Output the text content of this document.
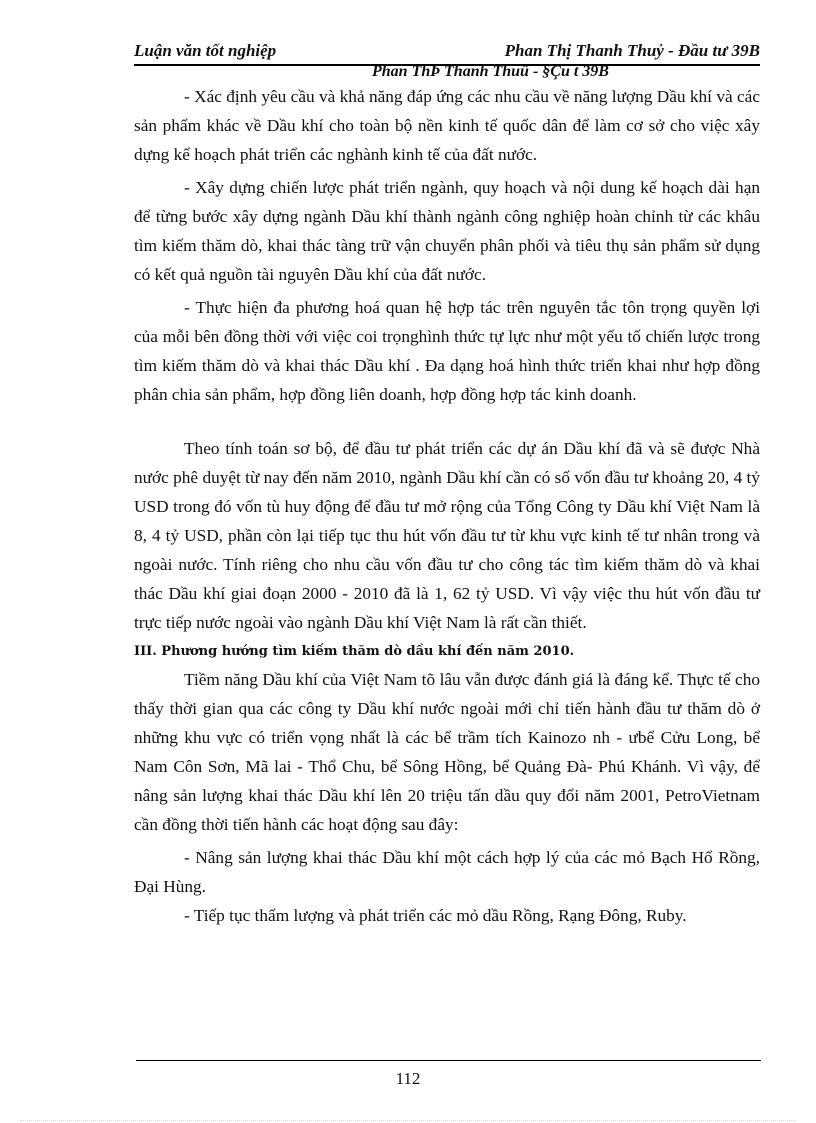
Luận văn tốt nghiệp	Phan Thị Thanh Thuỷ - Đầu tư 39B
Phan ThÞ Thanh Thuû - §Çu t 39B

- Xác định yêu cầu và khả năng đáp ứng các nhu cầu về năng lượng Dầu khí và các sản phẩm khác về Dầu khí cho toàn bộ nền kinh tế quốc dân để làm cơ sở cho việc xây dựng kế hoạch phát triển các nghành kinh tế của đất nước.

- Xây dựng chiến lược phát triển ngành, quy hoạch và nội dung kế hoạch dài hạn để từng bước xây dựng ngành Dầu khí thành ngành công nghiệp hoàn chỉnh từ các khâu tìm kiếm thăm dò, khai thác tàng trữ vận chuyển phân phối và tiêu thụ sản phẩm sử dụng có kết quả nguồn tài nguyên Dầu khí của đất nước.

- Thực hiện đa phương hoá quan hệ hợp tác trên nguyên tắc tôn trọng quyền lợi của mỗi bên đồng thời với việc coi trọnghình thức tự lực như một yếu tố chiến lược trong tìm kiếm thăm dò và khai thác Dầu khí . Đa dạng hoá hình thức triển khai như hợp đồng phân chia sản phẩm, hợp đồng liên doanh, hợp đồng hợp tác kinh doanh.

Theo tính toán sơ bộ, để đầu tư phát triển các dự án Dầu khí đã và sẽ được Nhà nước phê duyệt từ nay đến năm 2010, ngành Dầu khí cần có số vốn đầu tư khoảng 20, 4 tỷ USD trong đó vốn tù huy động để đầu tư mở rộng của Tổng Công ty Dầu khí Việt Nam là 8, 4 tỷ USD, phần còn lại tiếp tục thu hút vốn đầu tư từ khu vực kinh tế tư nhân trong và ngoài nước. Tính riêng cho nhu cầu vốn đầu tư cho công tác tìm kiếm thăm dò và khai thác Dầu khí giai đoạn 2000 - 2010 đã là 1, 62 tỷ USD. Vì vậy việc thu hút vốn đầu tư trực tiếp nước ngoài vào ngành Dầu khí Việt Nam là rất cần thiết.

III. Phương hướng tìm kiếm thăm dò dầu khí đến năm 2010.

Tiềm năng Dầu khí của Việt Nam tõ lâu vẫn được đánh giá là đáng kể. Thực tế cho thấy thời gian qua các công ty Dầu khí nước ngoài mới chỉ tiến hành đầu tư thăm dò ở những khu vực có triển vọng nhất là các bể trầm tích Kainozo nh - ưbể Cửu Long, bể Nam Côn Sơn, Mã lai - Thổ Chu, bể Sông Hồng, bể Quảng Đà- Phú Khánh. Vì vậy, để nâng sản lượng khai thác Dầu khí lên 20 triệu tấn dầu quy đổi năm 2001, PetroVietnam cần đồng thời tiến hành các hoạt động sau đây:

- Nâng sản lượng khai thác Dầu khí một cách hợp lý của các mỏ Bạch Hổ Rồng, Đại Hùng.

- Tiếp tục thẩm lượng và phát triển các mỏ dầu Rồng, Rạng Đông, Ruby.

112
